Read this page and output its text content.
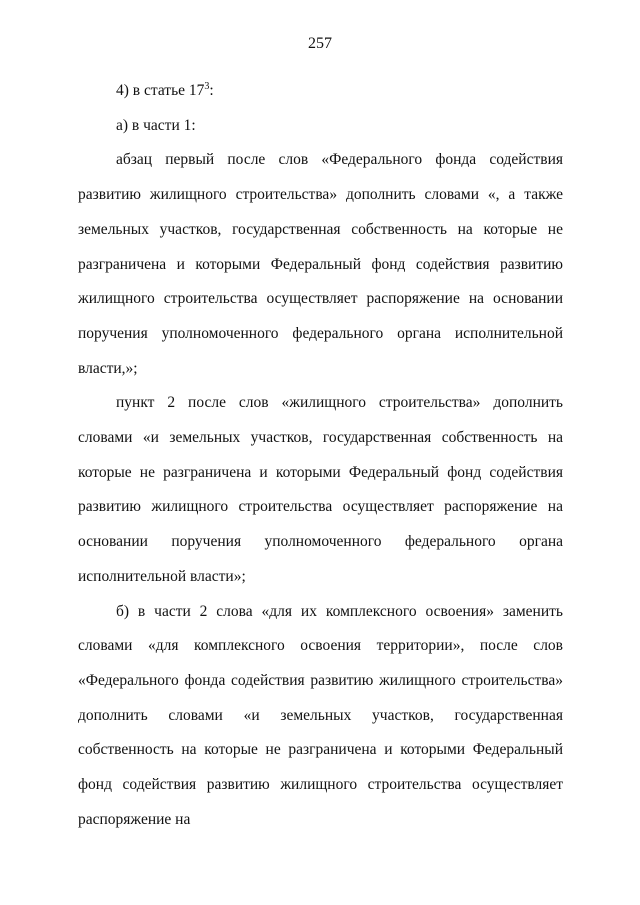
257

4) в статье $17^3$:

а) в части 1:

абзац первый после слов «Федерального фонда содействия развитию жилищного строительства» дополнить словами «, а также земельных участков, государственная собственность на которые не разграничена и которыми Федеральный фонд содействия развитию жилищного строительства осуществляет распоряжение на основании поручения уполномоченного федерального органа исполнительной власти,»;

пункт 2 после слов «жилищного строительства» дополнить словами «и земельных участков, государственная собственность на которые не разграничена и которыми Федеральный фонд содействия развитию жилищного строительства осуществляет распоряжение на основании поручения уполномоченного федерального органа исполнительной власти»;

б) в части 2 слова «для их комплексного освоения» заменить словами «для комплексного освоения территории», после слов «Федерального фонда содействия развитию жилищного строительства» дополнить словами «и земельных участков, государственная собственность на которые не разграничена и которыми Федеральный фонд содействия развитию жилищного строительства осуществляет распоряжение на
